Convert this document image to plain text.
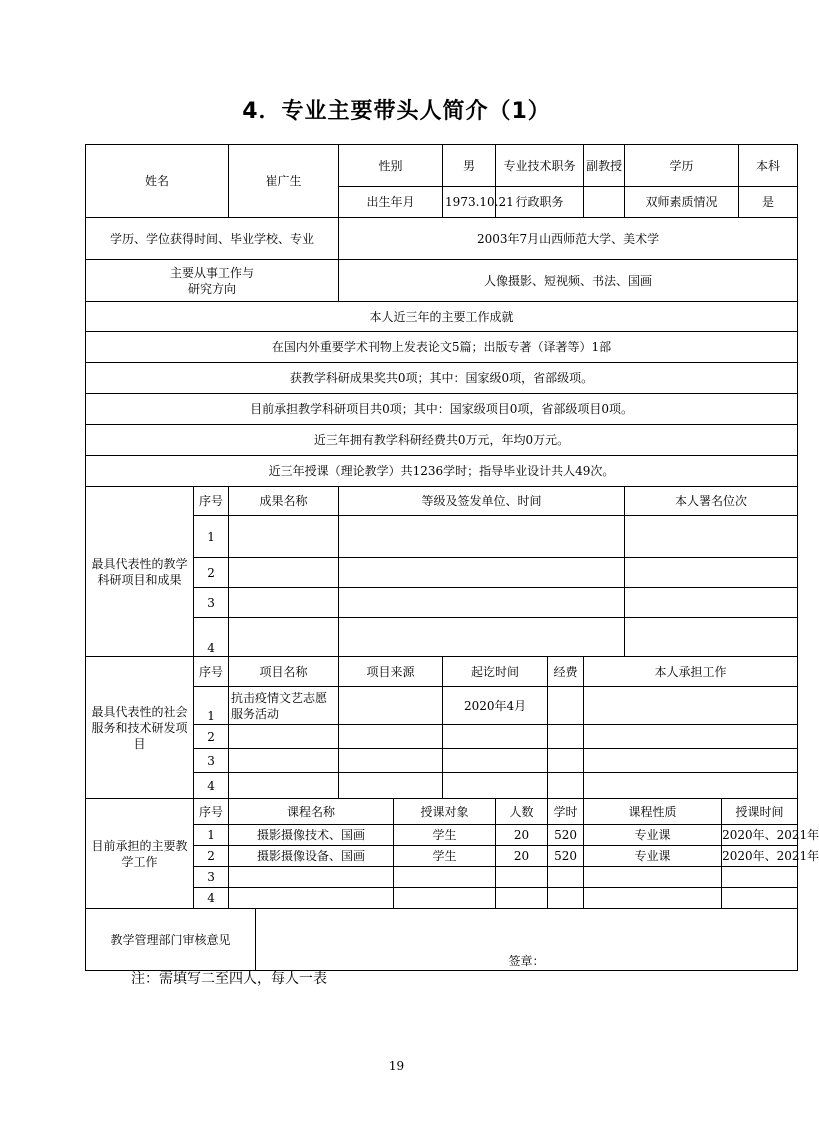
4．专业主要带头人简介（1）
姓名		崔广生		性别		男	专业技术职务		副教授	学历		本科
				出生年月		1973.10.21	行政职务			双师素质情况		是
学历、学位获得时间、毕业学校、专业				2003年7月山西师范大学、美术学								
主要从事工作与
研究方向				人像摄影、短视频、书法、国画								
本人近三年的主要工作成就												
在国内外重要学术刊物上发表论文5篇；出版专著（译著等）1部												
获教学科研成果奖共0项；其中：国家级0项，省部级项。												
目前承担教学科研项目共0项；其中：国家级项目0项，省部级项目0项。												
近三年拥有教学科研经费共0万元，年均0万元。												
近三年授课（理论教学）共1236学时；指导毕业设计共人49次。												
最具代表性的教学科研项目和成果	序号	成果名称		等级及签发单位、时间						本人署名位次		
	1											
	2											
	3											
	4											
最具代表性的社会服务和技术研发项目	序号	项目名称		项目来源		起讫时间		经费	本人承担工作			
	1	抗击疫情文艺志愿服务活动				2020年4月						
	2											
	3											
	4											
目前承担的主要教学工作	序号	课程名称			授课对象		人数	学时	课程性质		授课时间	
	1	摄影摄像技术、国画			学生		20	520	专业课		2020年、2021年	
	2	摄影摄像设备、国画			学生		20	520	专业课		2020年、2021年	
	3											
	4											
教学管理部门审核意见			签章：									
注：需填写二至四人，每人一表
19
